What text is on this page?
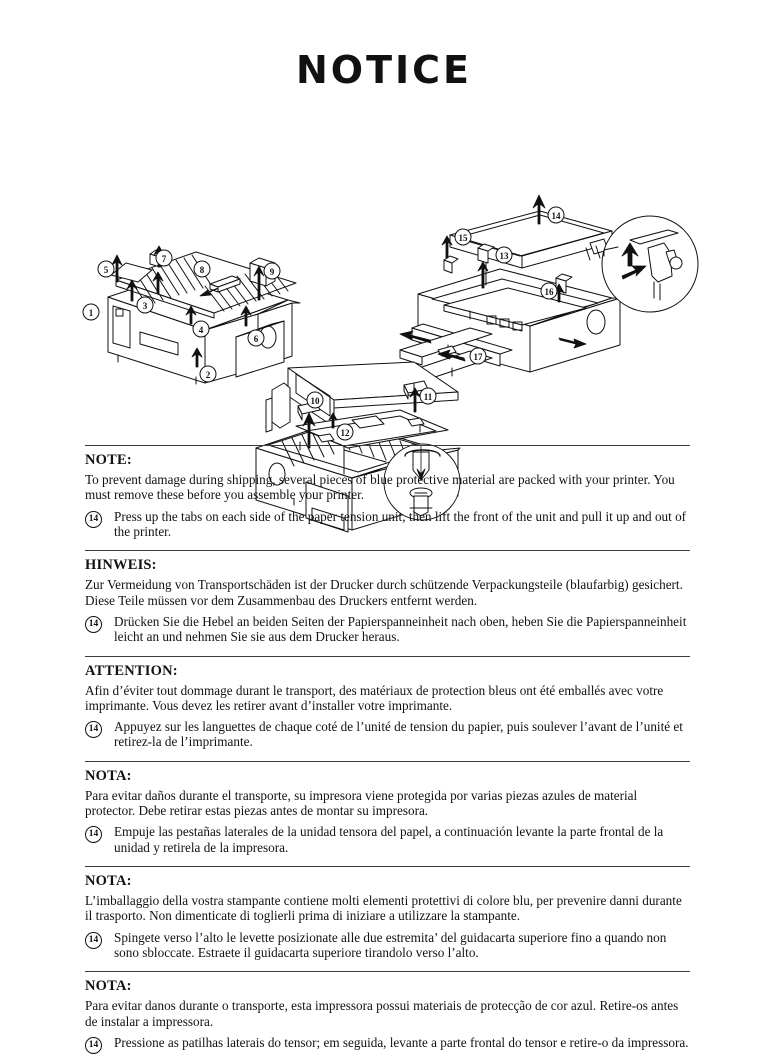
NOTICE
1
2
3
4
5
6
7
8	9
13
14
15
16
17
10	11
12
NOTE:

To prevent damage during shipping, several pieces of blue protective material are packed with your printer. You must remove these before you assemble your printer.

14 Press up the tabs on each side of the paper tension unit, then lift the front of the unit and pull it up and out of the printer.
HINWEIS:

Zur Vermeidung von Transportschäden ist der Drucker durch schützende Verpackungsteile (blaufarbig) gesichert. Diese Teile müssen vor dem Zusammenbau des Druckers entfernt werden.

14 Drücken Sie die Hebel an beiden Seiten der Papierspanneinheit nach oben, heben Sie die Papierspanneinheit leicht an und nehmen Sie sie aus dem Drucker heraus.
ATTENTION:

Afin d’éviter tout dommage durant le transport, des matériaux de protection bleus ont été emballés avec votre imprimante. Vous devez les retirer avant d’installer votre imprimante.

14 Appuyez sur les languettes de chaque coté de l’unité de tension du papier, puis soulever l’avant de l’unité et retirez-la de l’imprimante.
NOTA:

Para evitar daños durante el transporte, su impresora viene protegida por varias piezas azules de material protector. Debe retirar estas piezas antes de montar su impresora.

14 Empuje las pestañas laterales de la unidad tensora del papel, a continuación levante la parte frontal de la unidad y retirela de la impresora.
NOTA:

L’imballaggio della vostra stampante contiene molti elementi protettivi di colore blu, per prevenire danni durante il trasporto. Non dimenticate di toglierli prima di iniziare a utilizzare la stampante.

14 Spingete verso l’alto le levette posizionate alle due estremita’ del guidacarta superiore fino a quando non sono sbloccate. Estraete il guidacarta superiore tirandolo verso l’alto.
NOTA:

Para evitar danos durante o transporte, esta impressora possui materiais de protecção de cor azul. Retire-os antes de instalar a impressora.

14 Pressione as patilhas laterais do tensor; em seguida, levante a parte frontal do tensor e retire-o da impressora.
